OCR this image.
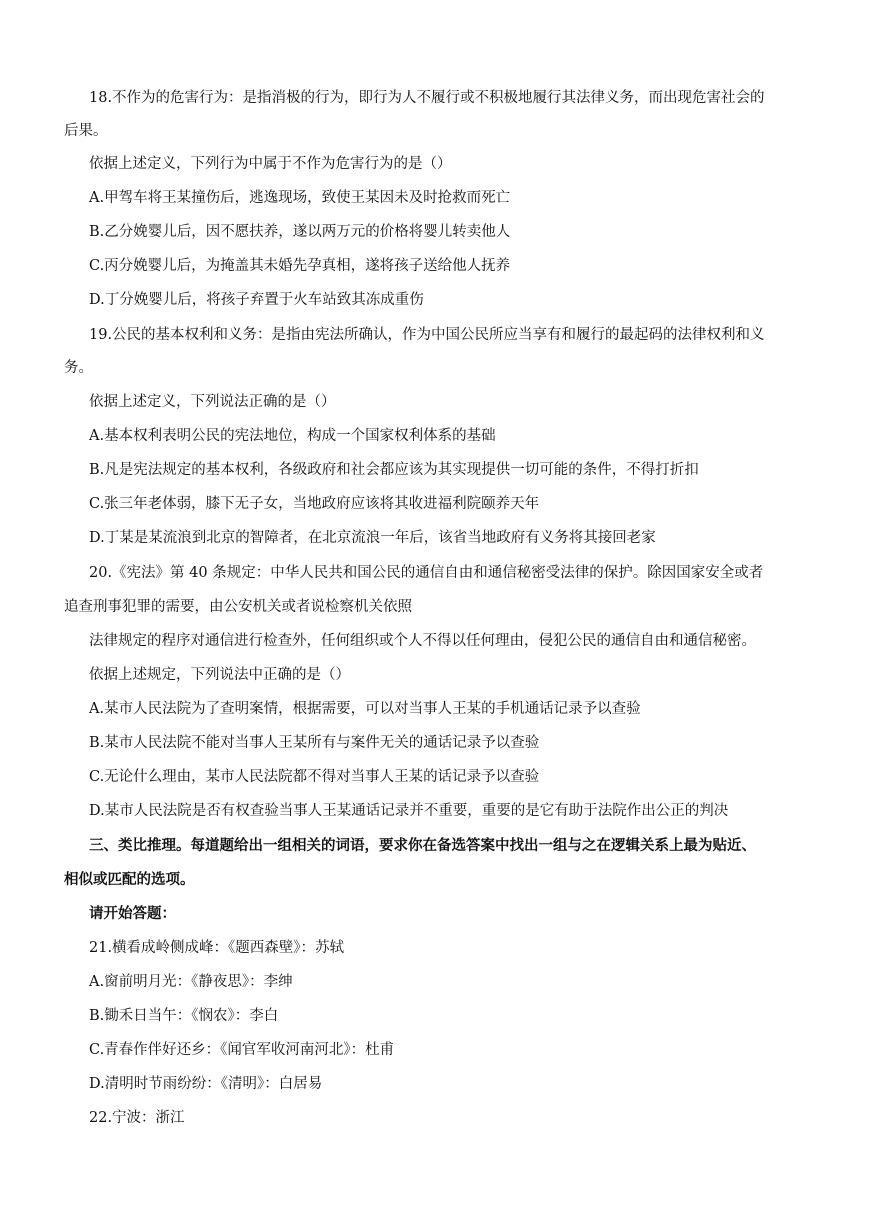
18.不作为的危害行为：是指消极的行为，即行为人不履行或不积极地履行其法律义务，而出现危害社会的
后果。
依据上述定义，下列行为中属于不作为危害行为的是（）
A.甲驾车将王某撞伤后，逃逸现场，致使王某因未及时抢救而死亡
B.乙分娩婴儿后，因不愿扶养，遂以两万元的价格将婴儿转卖他人
C.丙分娩婴儿后，为掩盖其未婚先孕真相，遂将孩子送给他人抚养
D.丁分娩婴儿后，将孩子弃置于火车站致其冻成重伤
19.公民的基本权利和义务：是指由宪法所确认，作为中国公民所应当享有和履行的最起码的法律权利和义
务。
依据上述定义，下列说法正确的是（）
A.基本权利表明公民的宪法地位，构成一个国家权利体系的基础
B.凡是宪法规定的基本权利，各级政府和社会都应该为其实现提供一切可能的条件，不得打折扣
C.张三年老体弱，膝下无子女，当地政府应该将其收进福利院颐养天年
D.丁某是某流浪到北京的智障者，在北京流浪一年后，该省当地政府有义务将其接回老家
20.《宪法》第 40 条规定：中华人民共和国公民的通信自由和通信秘密受法律的保护。除因国家安全或者
追查刑事犯罪的需要，由公安机关或者说检察机关依照
法律规定的程序对通信进行检查外，任何组织或个人不得以任何理由，侵犯公民的通信自由和通信秘密。
依据上述规定，下列说法中正确的是（）
A.某市人民法院为了查明案情，根据需要，可以对当事人王某的手机通话记录予以查验
B.某市人民法院不能对当事人王某所有与案件无关的通话记录予以查验
C.无论什么理由，某市人民法院都不得对当事人王某的话记录予以查验
D.某市人民法院是否有权查验当事人王某通话记录并不重要，重要的是它有助于法院作出公正的判决
三、类比推理。每道题给出一组相关的词语，要求你在备选答案中找出一组与之在逻辑关系上最为贴近、
相似或匹配的选项。
请开始答题：
21.横看成岭侧成峰：《题西森壁》：苏轼
A.窗前明月光：《静夜思》：李绅
B.锄禾日当午：《悯农》：李白
C.青春作伴好还乡：《闻官军收河南河北》：杜甫
D.清明时节雨纷纷：《清明》：白居易
22.宁波：浙江
